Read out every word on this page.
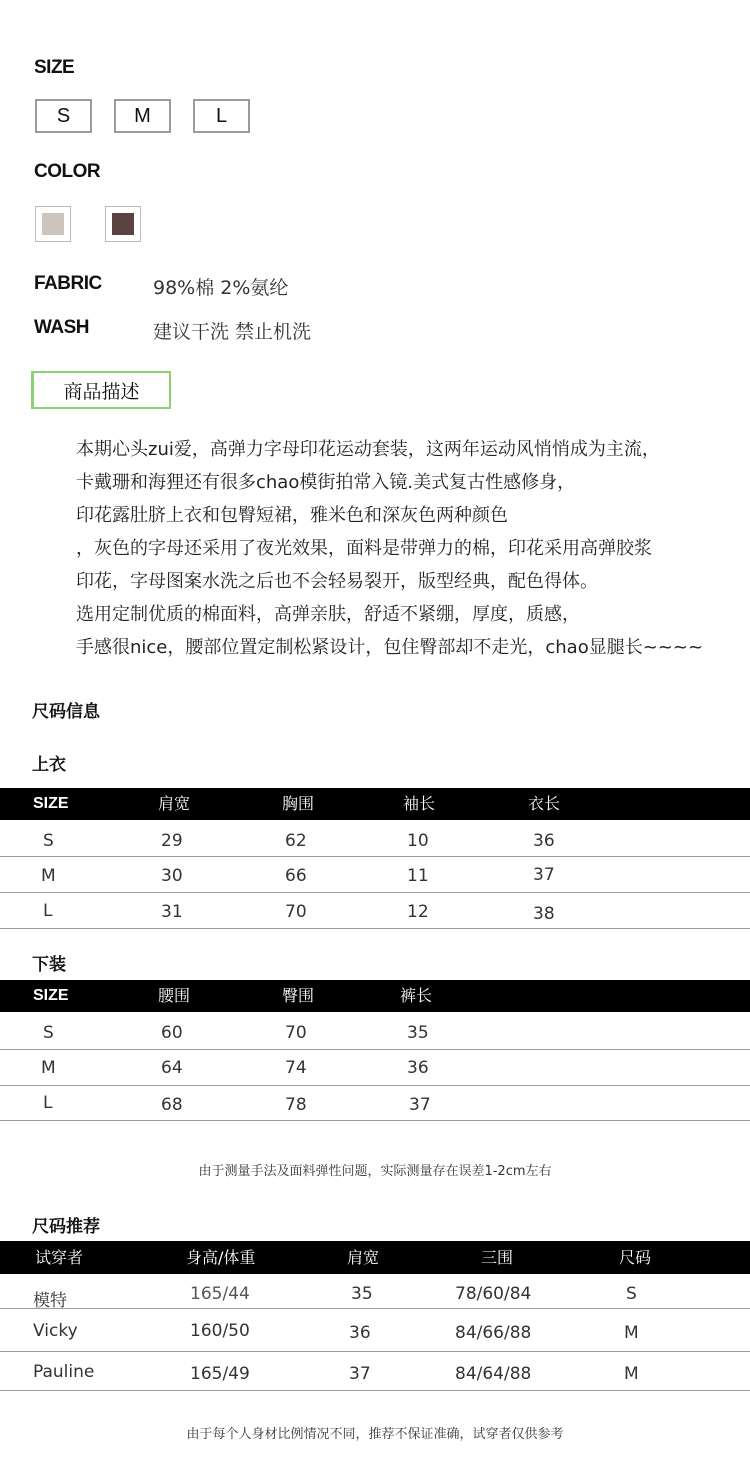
SIZE
S	M	L
COLOR
FABRIC	98%棉 2%氨纶
WASH	建议干洗 禁止机洗
商品描述
本期心头zui爱，高弹力字母印花运动套装，这两年运动风悄悄成为主流，
卡戴珊和海狸还有很多chao模街拍常入镜.美式复古性感修身，
印花露肚脐上衣和包臀短裙，雅米色和深灰色两种颜色
，灰色的字母还采用了夜光效果，面料是带弹力的棉，印花采用高弹胶浆
印花，字母图案水洗之后也不会轻易裂开，版型经典，配色得体。
选用定制优质的棉面料，高弹亲肤，舒适不紧绷，厚度，质感，
手感很nice，腰部位置定制松紧设计，包住臀部却不走光，chao显腿长~~~~
尺码信息
上衣
SIZE	肩宽	胸围	袖长	衣长
S	29	62	10	36
M	30	66	11	37
L	31	70	12	38
下装
SIZE	腰围	臀围	裤长
S	60	70	35
M	64	74	36
L	68	78	37
由于测量手法及面料弹性问题，实际测量存在误差1-2cm左右
尺码推荐
试穿者	身高/体重	肩宽	三围	尺码
模特	165/44	35	78/60/84	S
Vicky	160/50	36	84/66/88	M
Pauline	165/49	37	84/64/88	M
由于每个人身材比例情况不同，推荐不保证准确，试穿者仅供参考
